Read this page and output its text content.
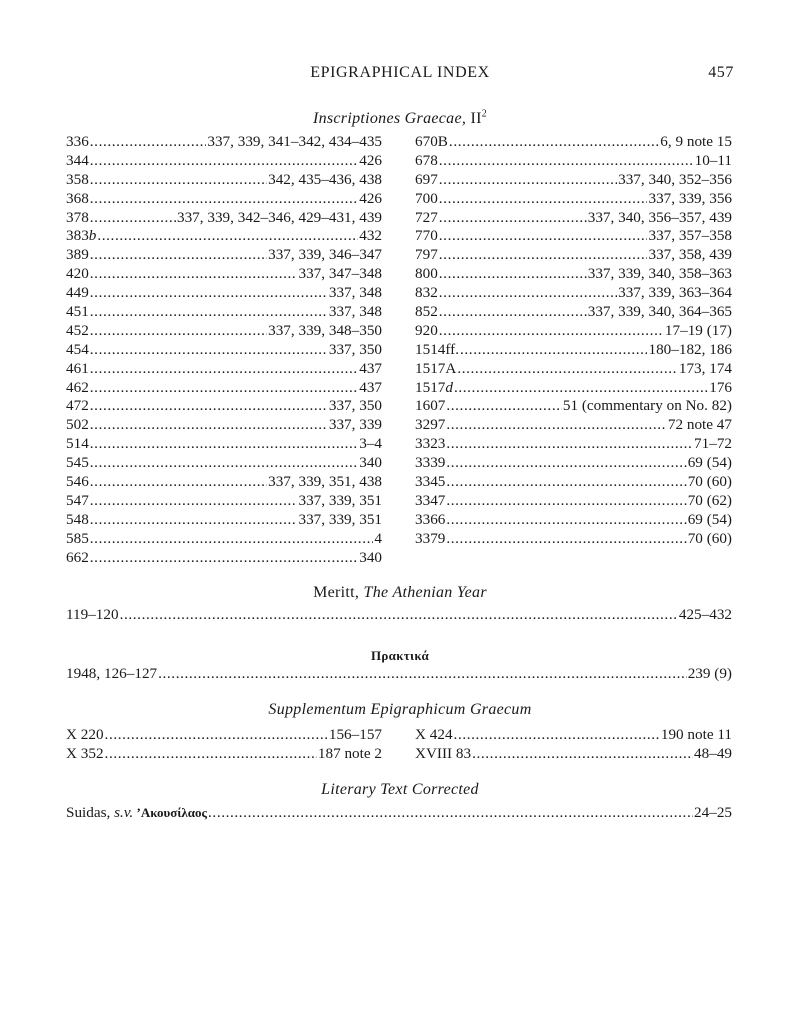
EPIGRAPHICAL INDEX	457
Inscriptiones Graecae, $II^2$
336 . . .	337, 339, 341–342, 434–435
344 . . .	426
358 . . .	342, 435–436, 438
368 . . .	426
378 . . .	337, 339, 342–346, 429–431, 439
383b . . .	432
389 . . .	337, 339, 346–347
420 . . .	337, 347–348
449 . . .	337, 348
451 . . .	337, 348
452 . . .	337, 339, 348–350
454 . . .	337, 350
461 . . .	437
462 . . .	437
472 . . .	337, 350
502 . . .	337, 339
514 . . .	3–4
545 . . .	340
546 . . .	337, 339, 351, 438
547 . . .	337, 339, 351
548 . . .	337, 339, 351
585 . . .	4
662 . . .	340
670B . . .	6, 9 note 15
678 . . .	10–11
697 . . .	337, 340, 352–356
700 . . .	337, 339, 356
727 . . .	337, 340, 356–357, 439
770 . . .	337, 357–358
797 . . .	337, 358, 439
800 . . .	337, 339, 340, 358–363
832 . . .	337, 339, 363–364
852 . . .	337, 339, 340, 364–365
920 . . .	17–19 (17)
1514ff. . . .	180–182, 186
1517A . . .	173, 174
1517d . . .	176
1607 . . .	51 (commentary on No. 82)
3297 . . .	72 note 47
3323 . . .	71–72
3339 . . .	69 (54)
3345 . . .	70 (60)
3347 . . .	70 (62)
3366 . . .	69 (54)
3379 . . .	70 (60)
Meritt, The Athenian Year
119–120 . . .	425–432
Πρακτικά
1948, 126–127 . . .	239 (9)
Supplementum Epigraphicum Graecum
X 220 . . .	156–157
X 352 . . .	187 note 2
X 424 . . .	190 note 11
XVIII 83 . . .	48–49
Literary Text Corrected
Suidas, s.v. ’Ακουσίλαος . . .	24–25
